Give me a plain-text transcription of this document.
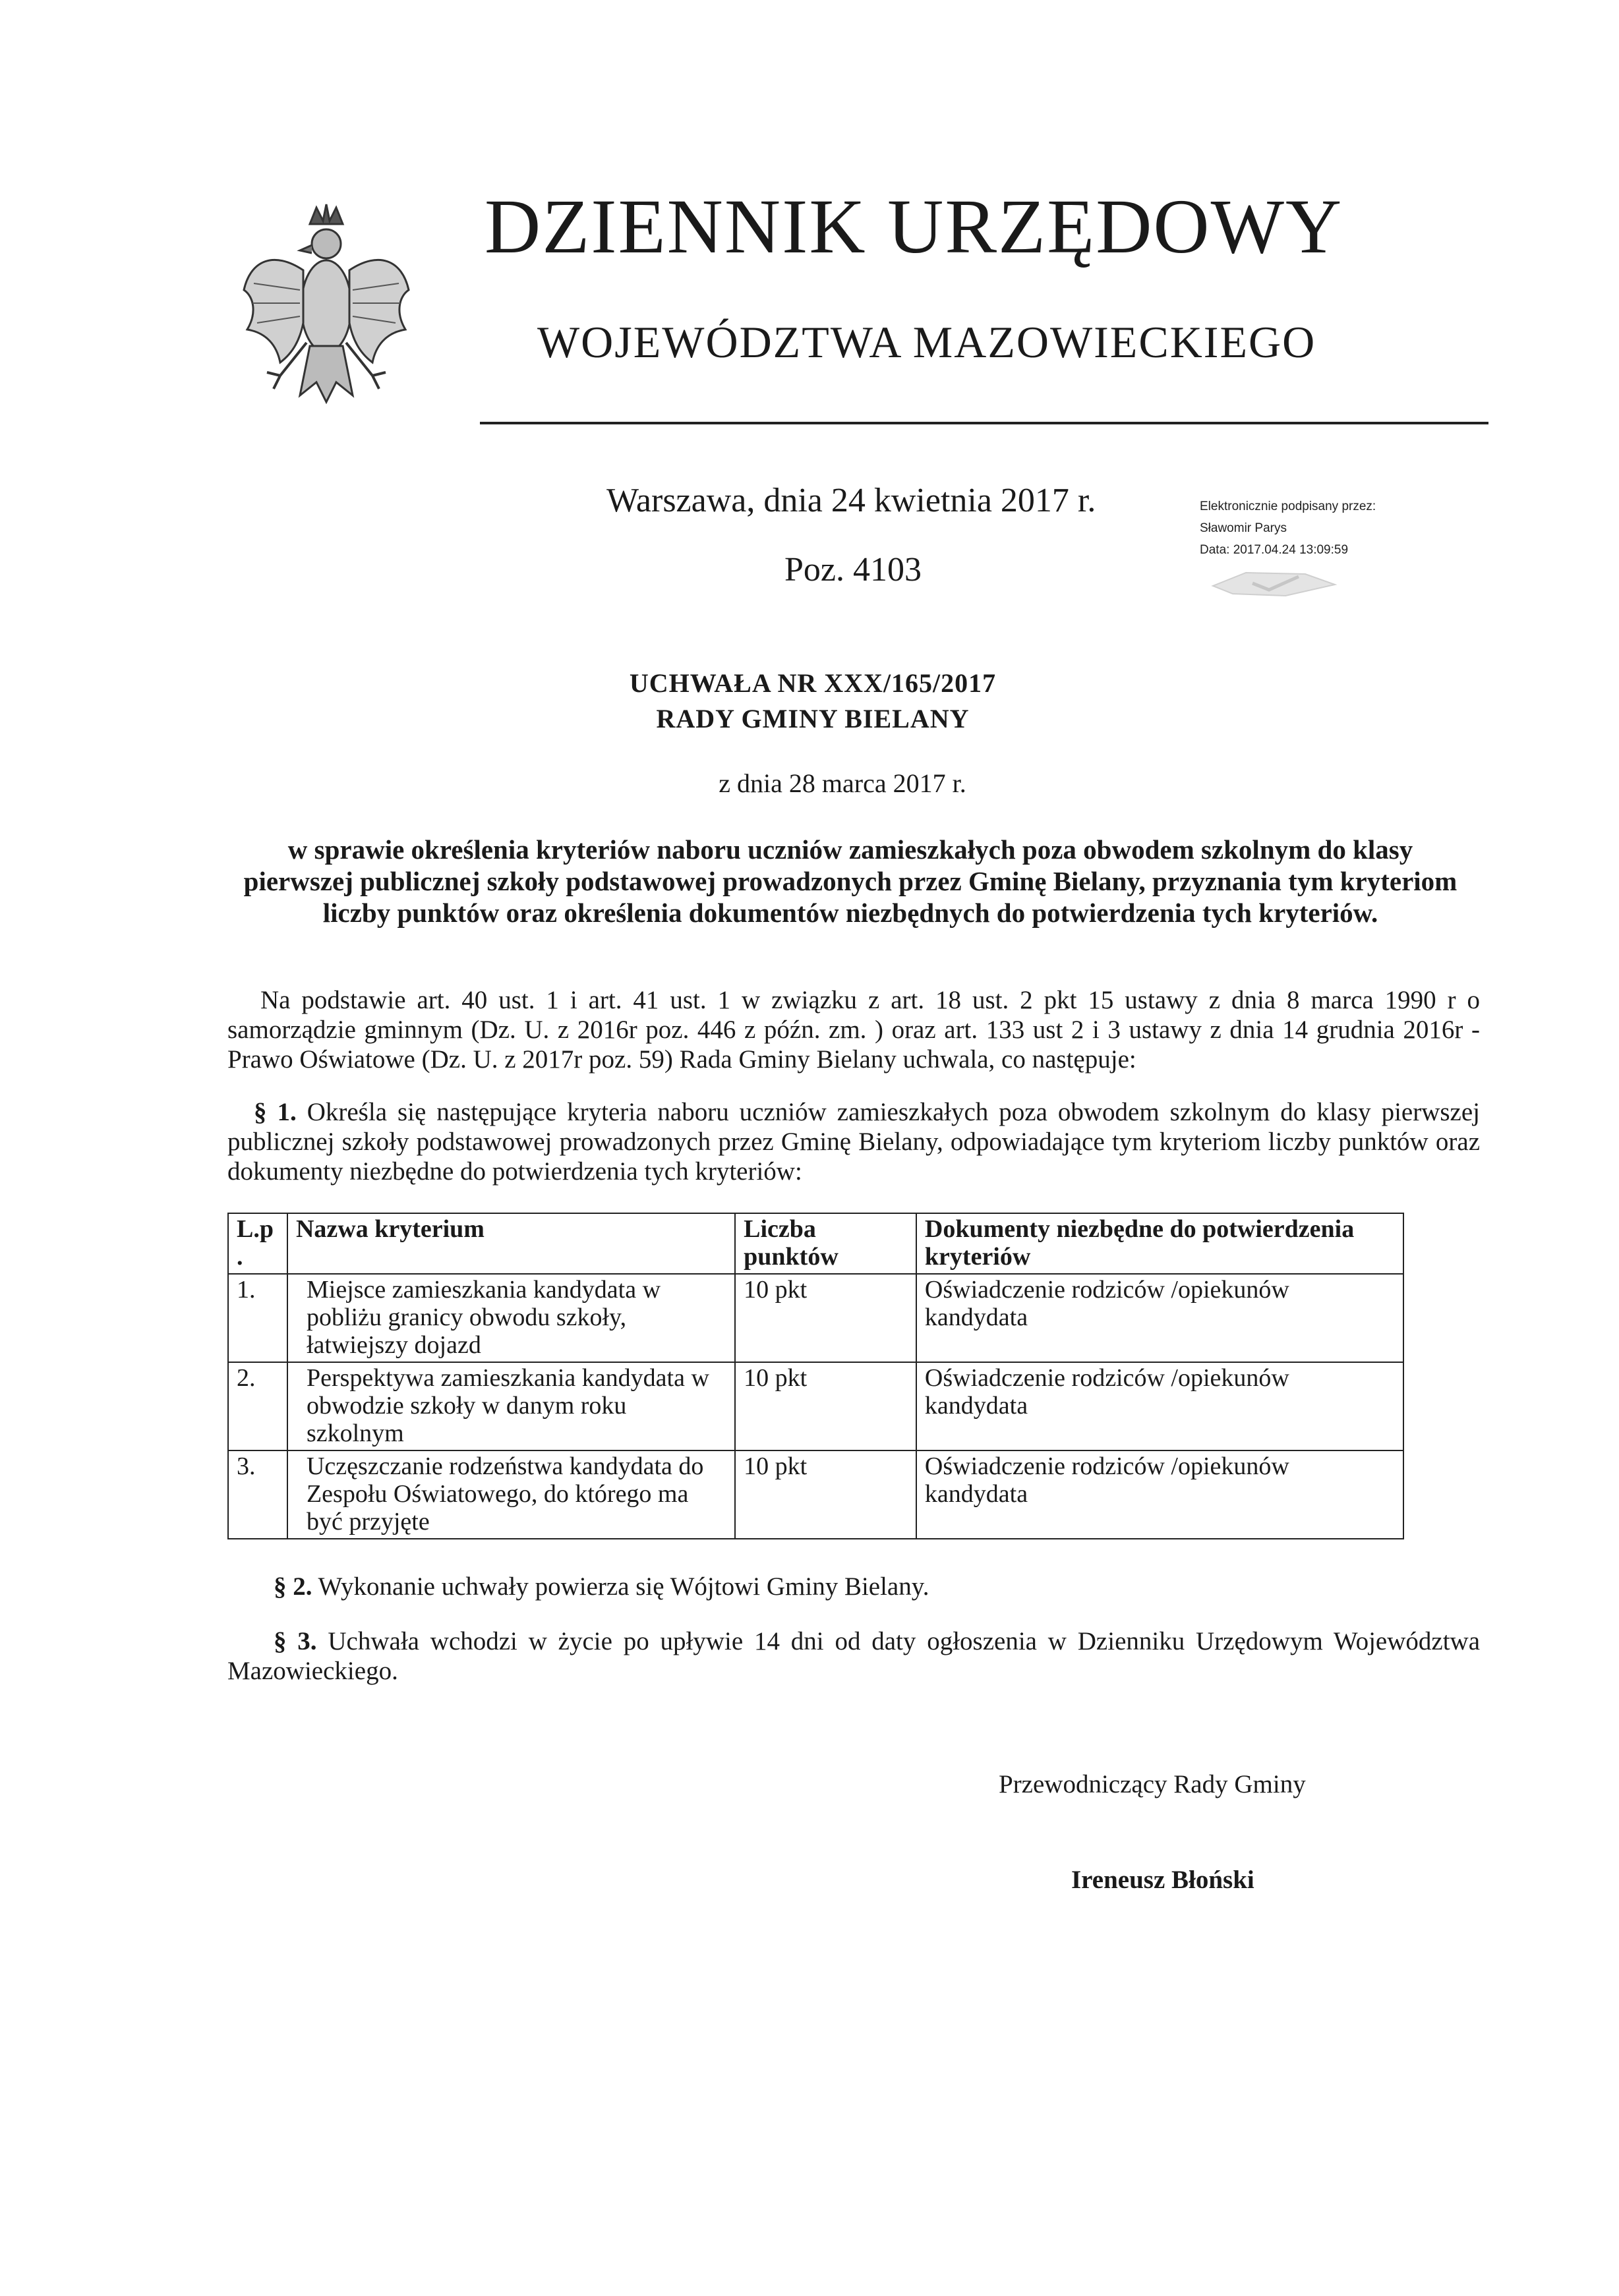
DZIENNIK URZĘDOWY
WOJEWÓDZTWA MAZOWIECKIEGO
Warszawa, dnia 24 kwietnia 2017 r.
Poz. 4103
Elektronicznie podpisany przez:
Sławomir Parys
Data: 2017.04.24 13:09:59
UCHWAŁA NR XXX/165/2017
RADY GMINY BIELANY
z dnia 28 marca 2017 r.
w sprawie określenia kryteriów naboru uczniów zamieszkałych poza obwodem szkolnym do klasy pierwszej publicznej szkoły podstawowej prowadzonych przez Gminę Bielany, przyznania tym kryteriom liczby punktów oraz określenia dokumentów niezbędnych do potwierdzenia tych kryteriów.
Na podstawie art. 40 ust. 1 i art. 41 ust. 1 w związku z art. 18 ust. 2 pkt 15 ustawy z dnia 8 marca 1990 r o samorządzie gminnym (Dz. U. z 2016r poz. 446 z późn. zm. ) oraz art. 133 ust 2 i 3 ustawy z dnia 14 grudnia 2016r - Prawo Oświatowe (Dz. U. z 2017r poz. 59) Rada Gminy Bielany uchwala, co następuje:
§ 1. Określa się następujące kryteria naboru uczniów zamieszkałych poza obwodem szkolnym do klasy pierwszej publicznej szkoły podstawowej prowadzonych przez Gminę Bielany, odpowiadające tym kryteriom liczby punktów oraz dokumenty niezbędne do potwierdzenia tych kryteriów:
L.p .	Nazwa kryterium	Liczba punktów	Dokumenty niezbędne do potwierdzenia kryteriów
1.	Miejsce zamieszkania kandydata w pobliżu granicy obwodu szkoły, łatwiejszy dojazd	10 pkt	Oświadczenie rodziców /opiekunów kandydata
2.	Perspektywa zamieszkania kandydata w obwodzie szkoły w danym roku szkolnym	10 pkt	Oświadczenie rodziców /opiekunów kandydata
3.	Uczęszczanie rodzeństwa kandydata do Zespołu Oświatowego, do którego ma być przyjęte	10 pkt	Oświadczenie rodziców /opiekunów kandydata
§ 2. Wykonanie uchwały powierza się Wójtowi Gminy Bielany.
§ 3. Uchwała wchodzi w życie po upływie 14 dni od daty ogłoszenia w Dzienniku Urzędowym Województwa Mazowieckiego.
Przewodniczący Rady Gminy
Ireneusz Błoński
